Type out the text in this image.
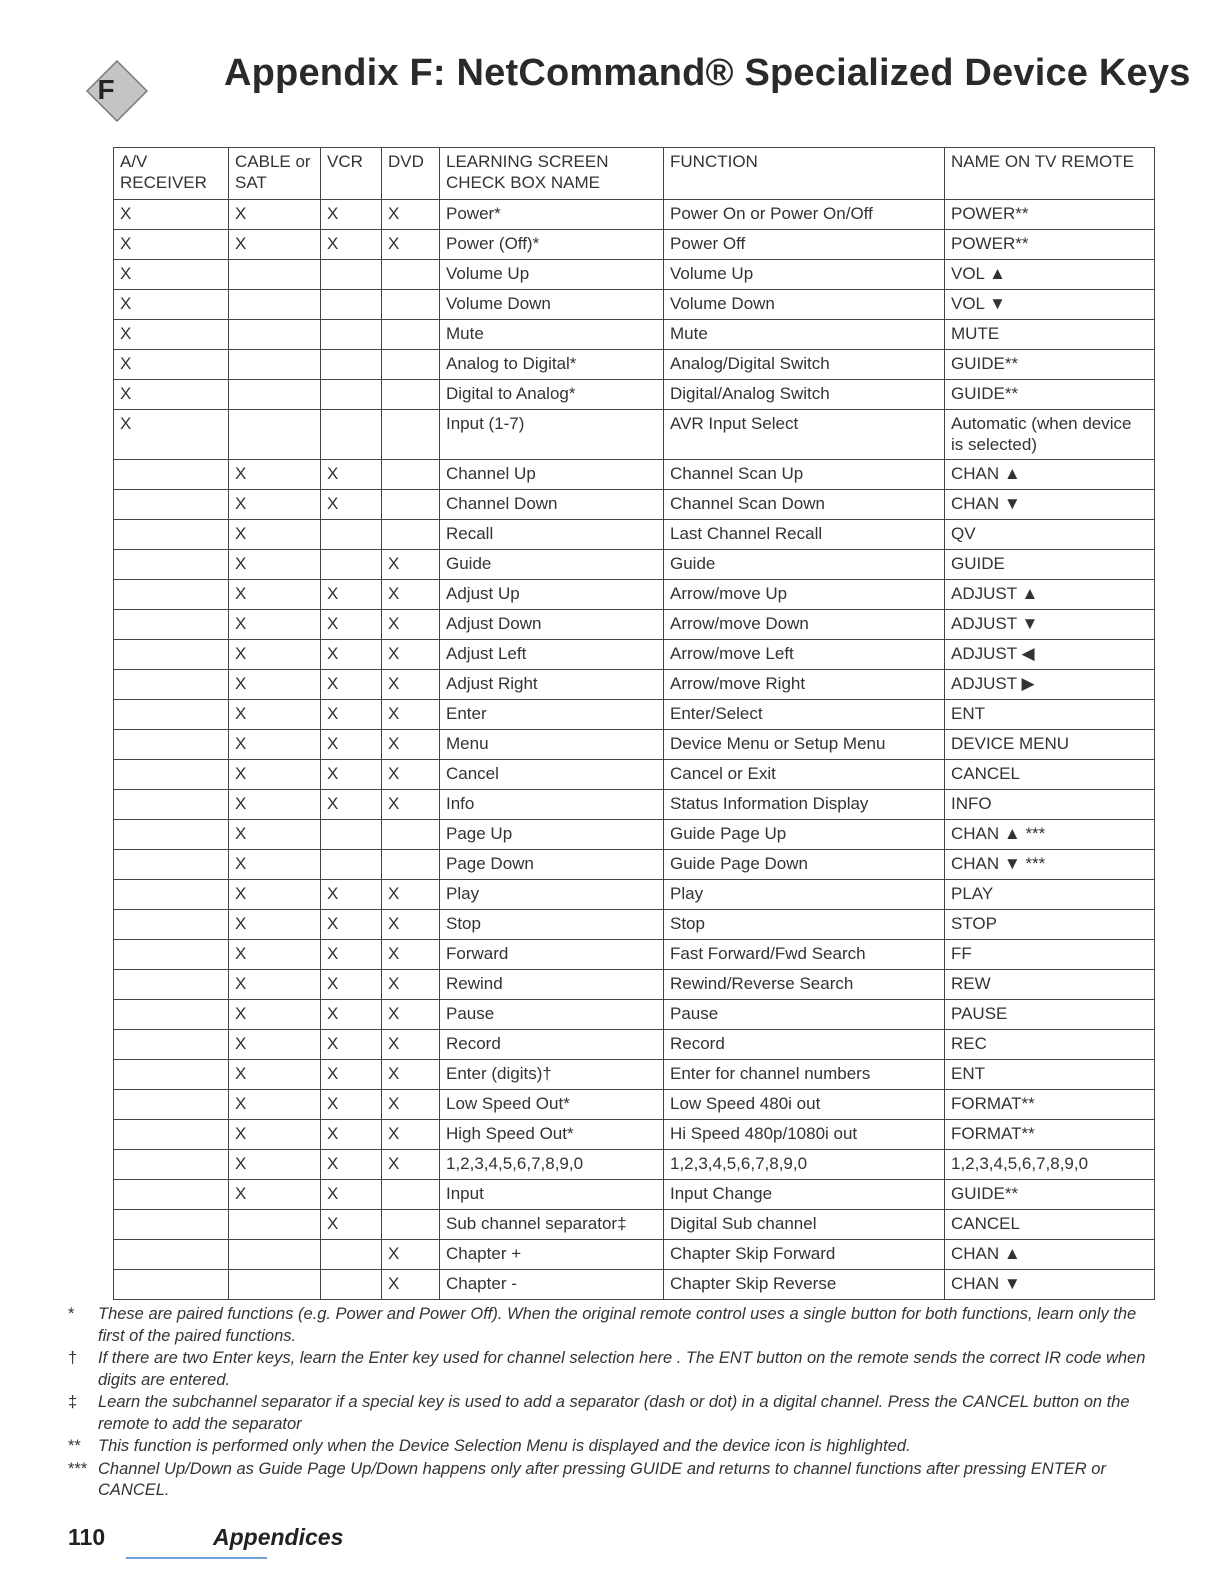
F	Appendix F: NetCommand® Specialized Device Keys
A/V RECEIVER	CABLE or SAT	VCR	DVD	LEARNING SCREEN CHECK BOX NAME	FUNCTION	NAME ON TV REMOTE
X	X	X	X	Power*	Power On or Power On/Off	POWER**
X	X	X	X	Power (Off)*	Power Off	POWER**
X				Volume Up	Volume Up	VOL ▲
X				Volume Down	Volume Down	VOL ▼
X				Mute	Mute	MUTE
X				Analog to Digital*	Analog/Digital Switch	GUIDE**
X				Digital to Analog*	Digital/Analog Switch	GUIDE**
X				Input (1-7)	AVR Input Select	Automatic (when device is selected)
	X	X		Channel Up	Channel Scan Up	CHAN ▲
	X	X		Channel Down	Channel Scan Down	CHAN ▼
	X			Recall	Last Channel Recall	QV
	X		X	Guide	Guide	GUIDE
	X	X	X	Adjust Up	Arrow/move Up	ADJUST ▲
	X	X	X	Adjust Down	Arrow/move Down	ADJUST ▼
	X	X	X	Adjust Left	Arrow/move Left	ADJUST ◀
	X	X	X	Adjust Right	Arrow/move Right	ADJUST ▶
	X	X	X	Enter	Enter/Select	ENT
	X	X	X	Menu	Device Menu or Setup Menu	DEVICE MENU
	X	X	X	Cancel	Cancel or Exit	CANCEL
	X	X	X	Info	Status Information Display	INFO
	X			Page Up	Guide Page Up	CHAN ▲ ***
	X			Page Down	Guide Page Down	CHAN ▼ ***
	X	X	X	Play	Play	PLAY
	X	X	X	Stop	Stop	STOP
	X	X	X	Forward	Fast Forward/Fwd Search	FF
	X	X	X	Rewind	Rewind/Reverse Search	REW
	X	X	X	Pause	Pause	PAUSE
	X	X	X	Record	Record	REC
	X	X	X	Enter (digits)†	Enter for channel numbers	ENT
	X	X	X	Low Speed Out*	Low Speed 480i out	FORMAT**
	X	X	X	High Speed Out*	Hi Speed 480p/1080i out	FORMAT**
	X	X	X	1,2,3,4,5,6,7,8,9,0	1,2,3,4,5,6,7,8,9,0	1,2,3,4,5,6,7,8,9,0
	X	X		Input	Input Change	GUIDE**
		X		Sub channel separator‡	Digital Sub channel	CANCEL
			X	Chapter +	Chapter Skip Forward	CHAN ▲
			X	Chapter -	Chapter Skip Reverse	CHAN ▼
*	These are paired functions (e.g. Power and Power Off). When the original remote control uses a single button for both functions, learn only the first of the paired functions.
†	If there are two Enter keys, learn the Enter key used for channel selection here . The ENT button on the remote sends the correct IR code when digits are entered.
‡	Learn the subchannel separator if a special key is used to add a separator (dash or dot) in a digital channel. Press the CANCEL button on the remote to add the separator
**	This function is performed only when the Device Selection Menu is displayed and the device icon is highlighted.
*** Channel Up/Down as Guide Page Up/Down happens only after pressing GUIDE and returns to channel functions after pressing ENTER or CANCEL.
110	Appendices
